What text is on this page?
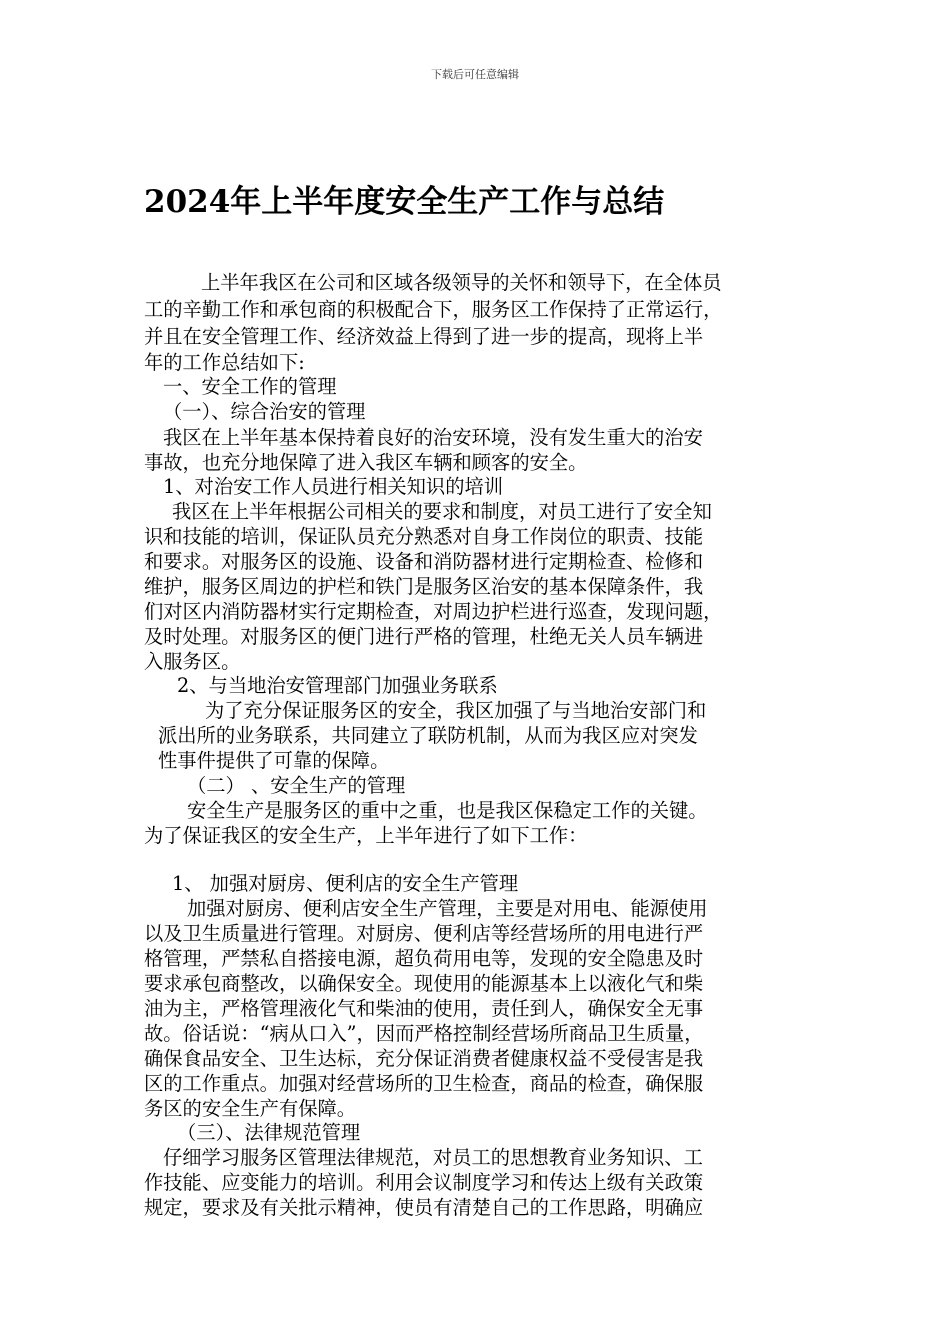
下载后可任意编辑
2024年上半年度安全生产工作与总结
上半年我区在公司和区域各级领导的关怀和领导下，在全体员
工的辛勤工作和承包商的积极配合下，服务区工作保持了正常运行，
并且在安全管理工作、经济效益上得到了进一步的提高，现将上半
年的工作总结如下:
一、安全工作的管理
（一）、综合治安的管理
我区在上半年基本保持着良好的治安环境，没有发生重大的治安
事故，也充分地保障了进入我区车辆和顾客的安全。
1、对治安工作人员进行相关知识的培训
我区在上半年根据公司相关的要求和制度，对员工进行了安全知
识和技能的培训，保证队员充分熟悉对自身工作岗位的职责、技能
和要求。对服务区的设施、设备和消防器材进行定期检查、检修和
维护，服务区周边的护栏和铁门是服务区治安的基本保障条件，我
们对区内消防器材实行定期检查，对周边护栏进行巡查，发现问题，
及时处理。对服务区的便门进行严格的管理，杜绝无关人员车辆进
入服务区。
2、与当地治安管理部门加强业务联系
为了充分保证服务区的安全，我区加强了与当地治安部门和
派出所的业务联系，共同建立了联防机制，从而为我区应对突发
性事件提供了可靠的保障。
（二） 、安全生产的管理
安全生产是服务区的重中之重，也是我区保稳定工作的关键。
为了保证我区的安全生产，上半年进行了如下工作：
1、 加强对厨房、便利店的安全生产管理
加强对厨房、便利店安全生产管理，主要是对用电、能源使用
以及卫生质量进行管理。对厨房、便利店等经营场所的用电进行严
格管理，严禁私自搭接电源，超负荷用电等，发现的安全隐患及时
要求承包商整改，以确保安全。现使用的能源基本上以液化气和柴
油为主，严格管理液化气和柴油的使用，责任到人，确保安全无事
故。俗话说：“病从口入”，因而严格控制经营场所商品卫生质量，
确保食品安全、卫生达标，充分保证消费者健康权益不受侵害是我
区的工作重点。加强对经营场所的卫生检查，商品的检查，确保服
务区的安全生产有保障。
（三）、法律规范管理
仔细学习服务区管理法律规范，对员工的思想教育业务知识、工
作技能、应变能力的培训。利用会议制度学习和传达上级有关政策
规定，要求及有关批示精神，使员有清楚自己的工作思路，明确应
